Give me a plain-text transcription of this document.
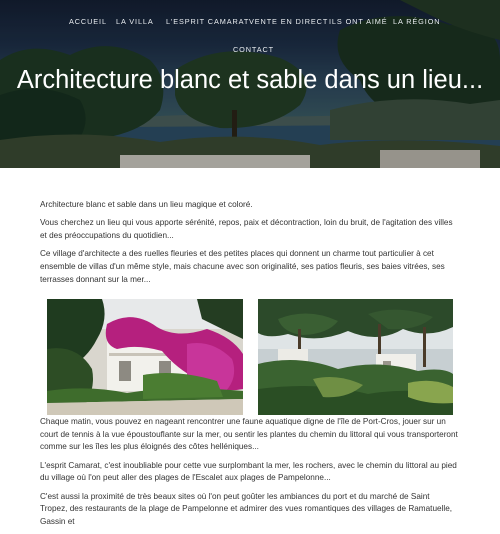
ACCUEIL LA VILLA L'ESPRIT CAMARAT VENTE EN DIRECT ILS ONT AIMÉ LA RÉGION
CONTACT
Architecture blanc et sable dans un lieu...

Architecture blanc et sable dans un lieu magique et coloré.

Vous cherchez un lieu qui vous apporte sérénité, repos, paix et décontraction, loin du bruit, de l'agitation des villes et des préoccupations du quotidien...

Ce village d'architecte a des ruelles fleuries et des petites places qui donnent un charme tout particulier à cet ensemble de villas d'un même style, mais chacune avec son originalité, ses patios fleuris, ses baies vitrées, ses terrasses donnant sur la mer...

Chaque matin, vous pouvez en nageant rencontrer une faune aquatique digne de l'île de Port-Cros, jouer sur un court de tennis à la vue époustouflante sur la mer, ou sentir les plantes du chemin du littoral qui vous transporteront comme sur les îles les plus éloignés des côtes helléniques...

L'esprit Camarat, c'est inoubliable pour cette vue surplombant la mer, les rochers, avec le chemin du littoral au pied du village où l'on peut aller des plages de l'Escalet aux plages de Pampelonne...

C'est aussi la proximité de très beaux sites où l'on peut goûter les ambiances du port et du marché de Saint Tropez, des restaurants de la plage de Pampelonne et admirer des vues romantiques des villages de Ramatuelle, Gassin et
